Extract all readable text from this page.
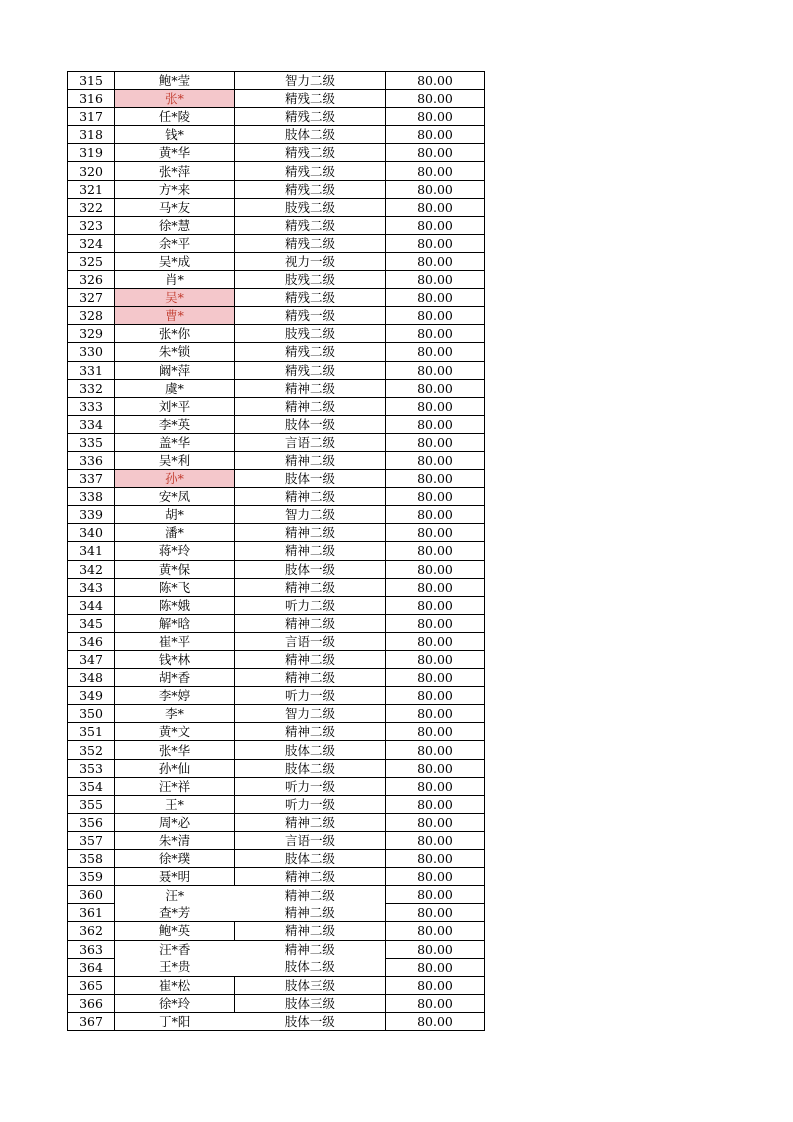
315	鲍*莹	智力二级	80.00
316	张*	精残二级	80.00
317	任*陵	精残二级	80.00
318	钱*	肢体二级	80.00
319	黄*华	精残二级	80.00
320	张*萍	精残二级	80.00
321	方*来	精残二级	80.00
322	马*友	肢残二级	80.00
323	徐*慧	精残二级	80.00
324	余*平	精残二级	80.00
325	吴*成	视力一级	80.00
326	肖*	肢残二级	80.00
327	吴*	精残二级	80.00
328	曹*	精残一级	80.00
329	张*你	肢残二级	80.00
330	朱*锁	精残二级	80.00
331	阚*萍	精残二级	80.00
332	虞*	精神二级	80.00
333	刘*平	精神二级	80.00
334	李*英	肢体一级	80.00
335	盖*华	言语二级	80.00
336	吴*利	精神二级	80.00
337	孙*	肢体一级	80.00
338	安*凤	精神二级	80.00
339	胡*	智力二级	80.00
340	潘*	精神二级	80.00
341	蒋*玲	精神二级	80.00
342	黄*保	肢体一级	80.00
343	陈*飞	精神二级	80.00
344	陈*娥	听力二级	80.00
345	解*晗	精神二级	80.00
346	崔*平	言语一级	80.00
347	钱*林	精神二级	80.00
348	胡*香	精神二级	80.00
349	李*婷	听力一级	80.00
350	李*	智力二级	80.00
351	黄*文	精神二级	80.00
352	张*华	肢体二级	80.00
353	孙*仙	肢体二级	80.00
354	汪*祥	听力一级	80.00
355	王*	听力一级	80.00
356	周*必	精神二级	80.00
357	朱*清	言语一级	80.00
358	徐*璞	肢体二级	80.00
359	聂*明	精神二级	80.00
360	汪*	精神二级	80.00
361	查*芳	精神二级	80.00
362	鲍*英	精神二级	80.00
363	汪*香	精神二级	80.00
364	王*贵	肢体二级	80.00
365	崔*松	肢体三级	80.00
366	徐*玲	肢体三级	80.00
367	丁*阳	肢体一级	80.00
